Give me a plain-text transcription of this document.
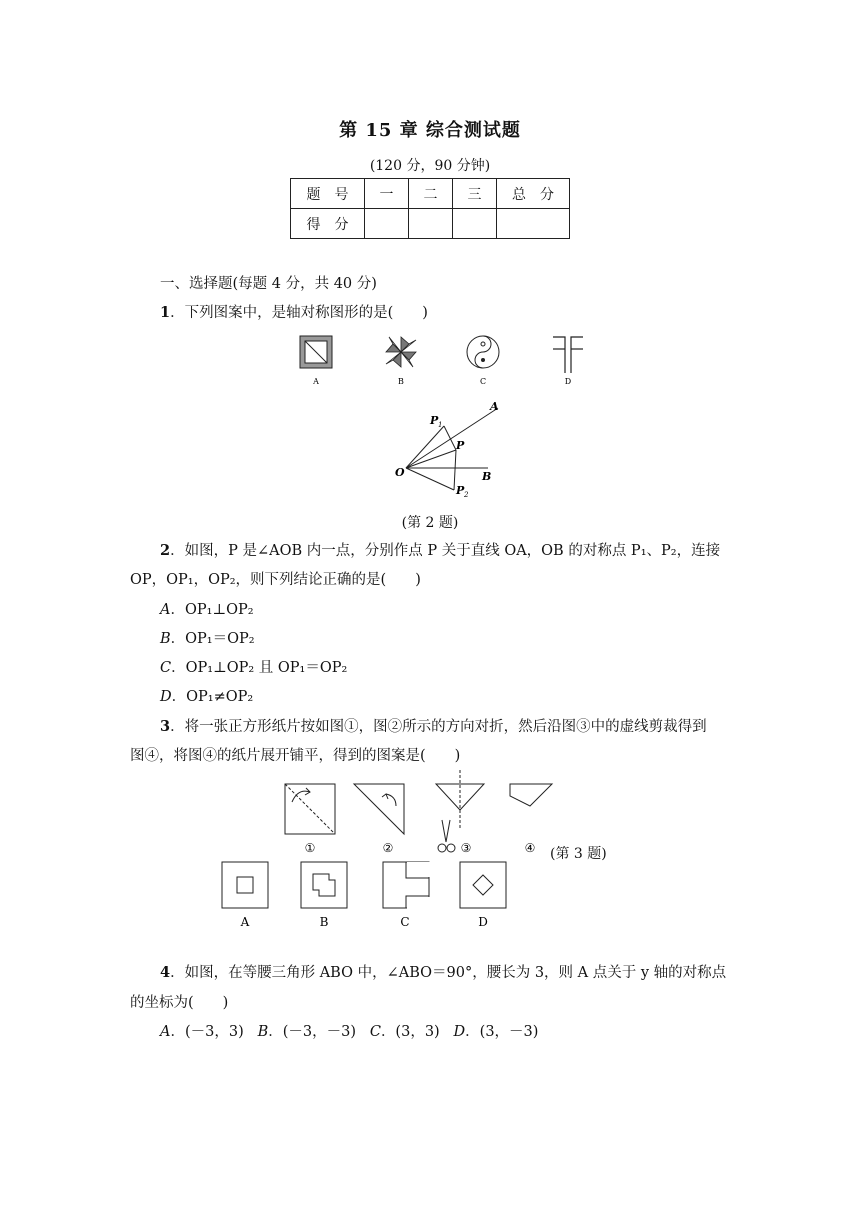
第 15 章 综合测试题
(120 分，90 分钟)
题　号	一	二	三	总　分
得　分				
一、选择题(每题 4 分，共 40 分)
1．下列图案中，是轴对称图形的是(　　)
A	B	C	D
A
P 1
P
O	B
P 2
(第 2 题)
2．如图，P 是∠AOB 内一点，分别作点 P 关于直线 OA，OB 的对称点 P₁、P₂，连接
OP，OP₁，OP₂，则下列结论正确的是(　　)
A．OP₁⊥OP₂
B．OP₁＝OP₂
C．OP₁⊥OP₂ 且 OP₁＝OP₂
D．OP₁≠OP₂
3．将一张正方形纸片按如图①，图②所示的方向对折，然后沿图③中的虚线剪裁得到
图④，将图④的纸片展开铺平，得到的图案是(　　)
①	②	③	④ (第 3 题)
A	B	C	D
4．如图，在等腰三角形 ABO 中，∠ABO＝90°，腰长为 3，则 A 点关于 y 轴的对称点
的坐标为(　　)
A．(－3，3) B．(－3，－3) C．(3，3) D．(3，－3)
